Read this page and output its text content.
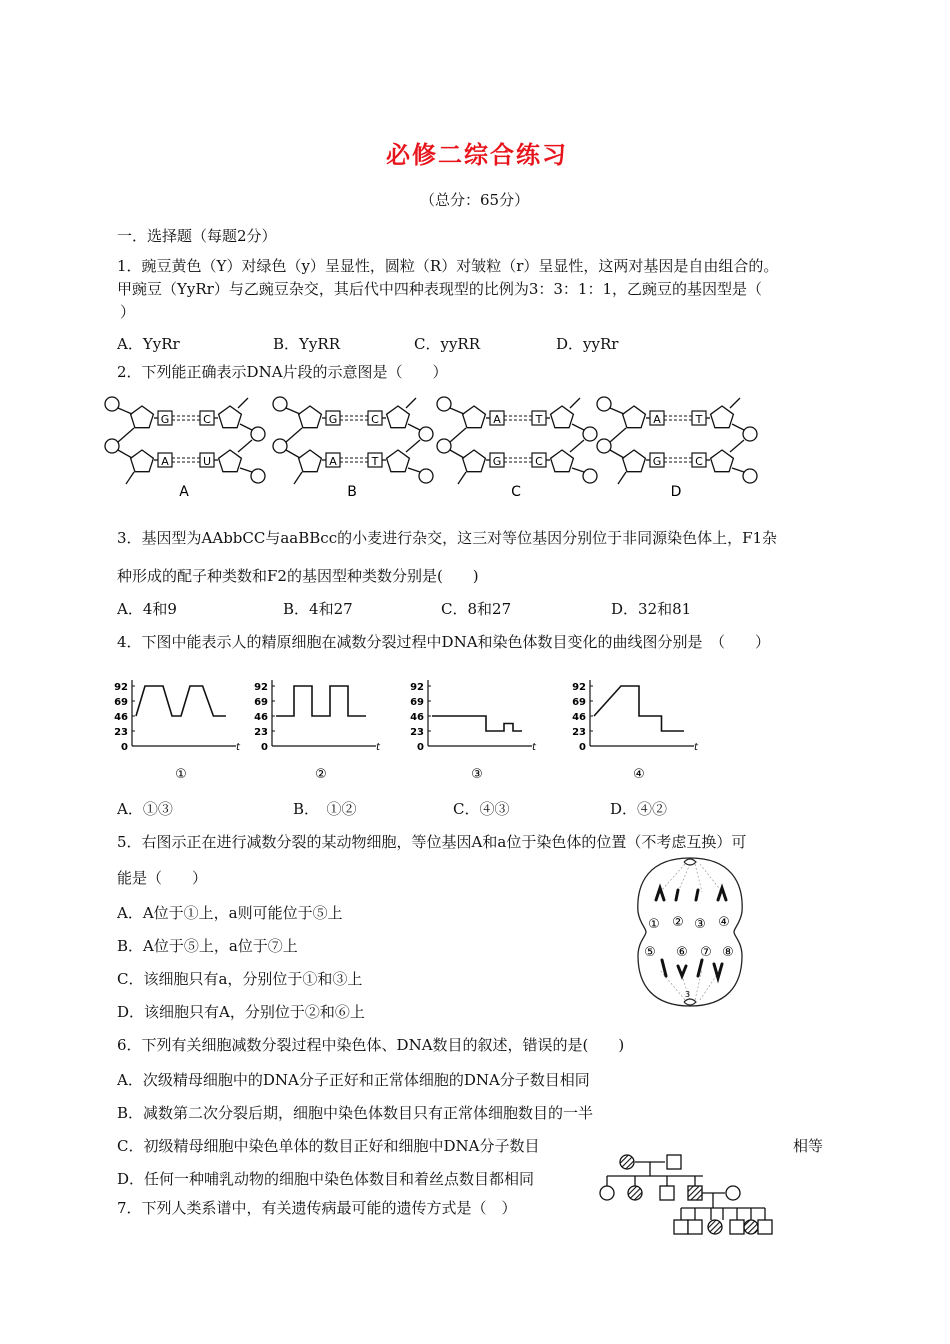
必修二综合练习
（总分：65分）
一．选择题（每题2分）
1．豌豆黄色（Y）对绿色（y）呈显性，圆粒（R）对皱粒（r）呈显性，这两对基因是自由组合的。
甲豌豆（YyRr）与乙豌豆杂交，其后代中四种表现型的比例为3：3：1：1，乙豌豆的基因型是（
）
A．YyRr	B．YyRR	C．yyRR	D．yyRr
2．下列能正确表示DNA片段的示意图是（　　）
G	C
A	U
A
G	C
A	T
B
A	T
G	C
C
A	T
G	C
D
3．基因型为AAbbCC与aaBBcc的小麦进行杂交，这三对等位基因分别位于非同源染色体上，F1杂
种形成的配子种类数和F2的基因型种类数分别是(　　)
A．4和9	B．4和27	C．8和27	D．32和81
4．下图中能表示人的精原细胞在减数分裂过程中DNA和染色体数目变化的曲线图分别是　（　　）
92
69
46
23
0	t
①
92
69
46
23
0	t
②
92
69
46
23
0	t
③
92
69
46
23
0	t
④
A．①③	B．　①②	C．④③	D．④②
5．右图示正在进行减数分裂的某动物细胞，等位基因A和a位于染色体的位置（不考虑互换）可
能是（　　）
A．A位于①上，a则可能位于⑤上
B．A位于⑤上，a位于⑦上
C．该细胞只有a，分别位于①和③上
D．该细胞只有A，分别位于②和⑥上
① ② ③ ④
⑤ ⑥ ⑦ ⑧
3
6．下列有关细胞减数分裂过程中染色体、DNA数目的叙述，错误的是(　　)
A．次级精母细胞中的DNA分子正好和正常体细胞的DNA分子数目相同
B．减数第二次分裂后期，细胞中染色体数目只有正常体细胞数目的一半
C．初级精母细胞中染色单体的数目正好和细胞中DNA分子数目	相等
D．任何一种哺乳动物的细胞中染色体数目和着丝点数目都相同
7．下列人类系谱中，有关遗传病最可能的遗传方式是（　）
